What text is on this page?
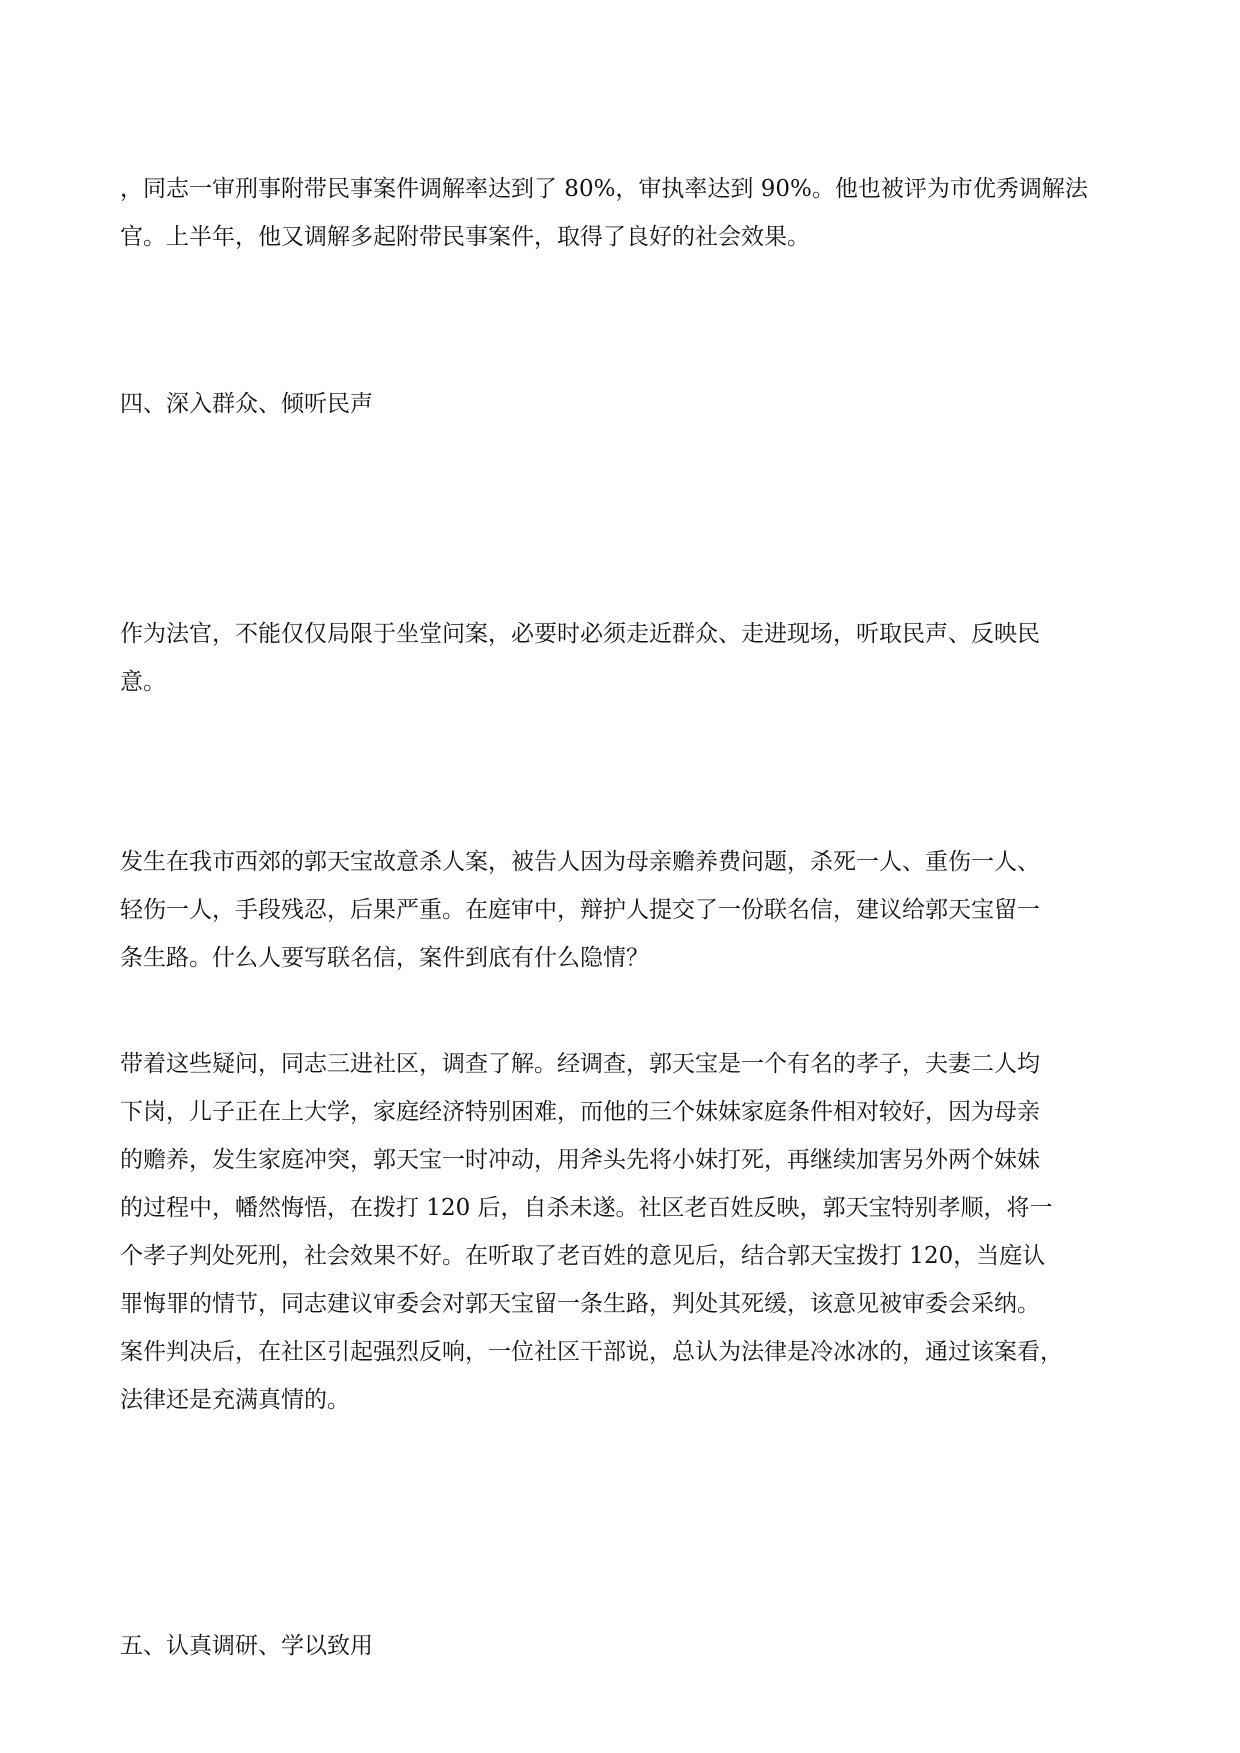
，同志一审刑事附带民事案件调解率达到了 80%，审执率达到 90%。他也被评为市优秀调解法
官。上半年，他又调解多起附带民事案件，取得了良好的社会效果。

四、深入群众、倾听民声

作为法官，不能仅仅局限于坐堂问案，必要时必须走近群众、走进现场，听取民声、反映民
意。

发生在我市西郊的郭天宝故意杀人案，被告人因为母亲赡养费问题，杀死一人、重伤一人、
轻伤一人，手段残忍，后果严重。在庭审中，辩护人提交了一份联名信，建议给郭天宝留一
条生路。什么人要写联名信，案件到底有什么隐情？

带着这些疑问，同志三进社区，调查了解。经调查，郭天宝是一个有名的孝子，夫妻二人均
下岗，儿子正在上大学，家庭经济特别困难，而他的三个妹妹家庭条件相对较好，因为母亲
的赡养，发生家庭冲突，郭天宝一时冲动，用斧头先将小妹打死，再继续加害另外两个妹妹
的过程中，幡然悔悟，在拨打 120 后，自杀未遂。社区老百姓反映，郭天宝特别孝顺，将一
个孝子判处死刑，社会效果不好。在听取了老百姓的意见后，结合郭天宝拨打 120，当庭认
罪悔罪的情节，同志建议审委会对郭天宝留一条生路，判处其死缓，该意见被审委会采纳。
案件判决后，在社区引起强烈反响，一位社区干部说，总认为法律是冷冰冰的，通过该案看，
法律还是充满真情的。

五、认真调研、学以致用
